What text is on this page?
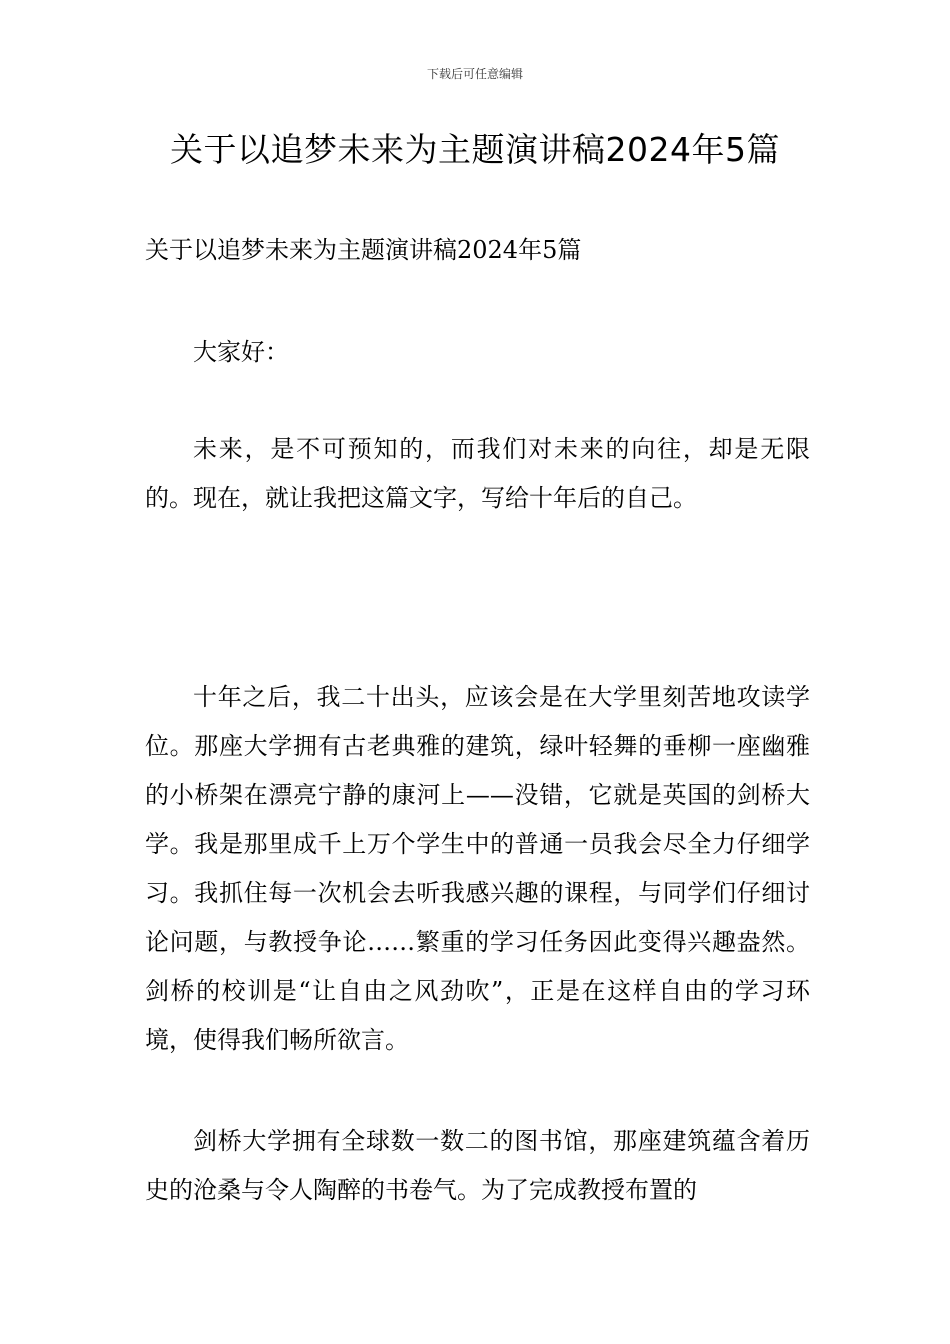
下载后可任意编辑
关于以追梦未来为主题演讲稿2024年5篇

关于以追梦未来为主题演讲稿2024年5篇

大家好：

未来，是不可预知的，而我们对未来的向往，却是无限的。现在，就让我把这篇文字，写给十年后的自己。

十年之后，我二十出头，应该会是在大学里刻苦地攻读学位。那座大学拥有古老典雅的建筑，绿叶轻舞的垂柳一座幽雅的小桥架在漂亮宁静的康河上——没错，它就是英国的剑桥大学。我是那里成千上万个学生中的普通一员我会尽全力仔细学习。我抓住每一次机会去听我感兴趣的课程，与同学们仔细讨论问题，与教授争论……繁重的学习任务因此变得兴趣盎然。剑桥的校训是“让自由之风劲吹”，正是在这样自由的学习环境，使得我们畅所欲言。

剑桥大学拥有全球数一数二的图书馆，那座建筑蕴含着历史的沧桑与令人陶醉的书卷气。为了完成教授布置的
